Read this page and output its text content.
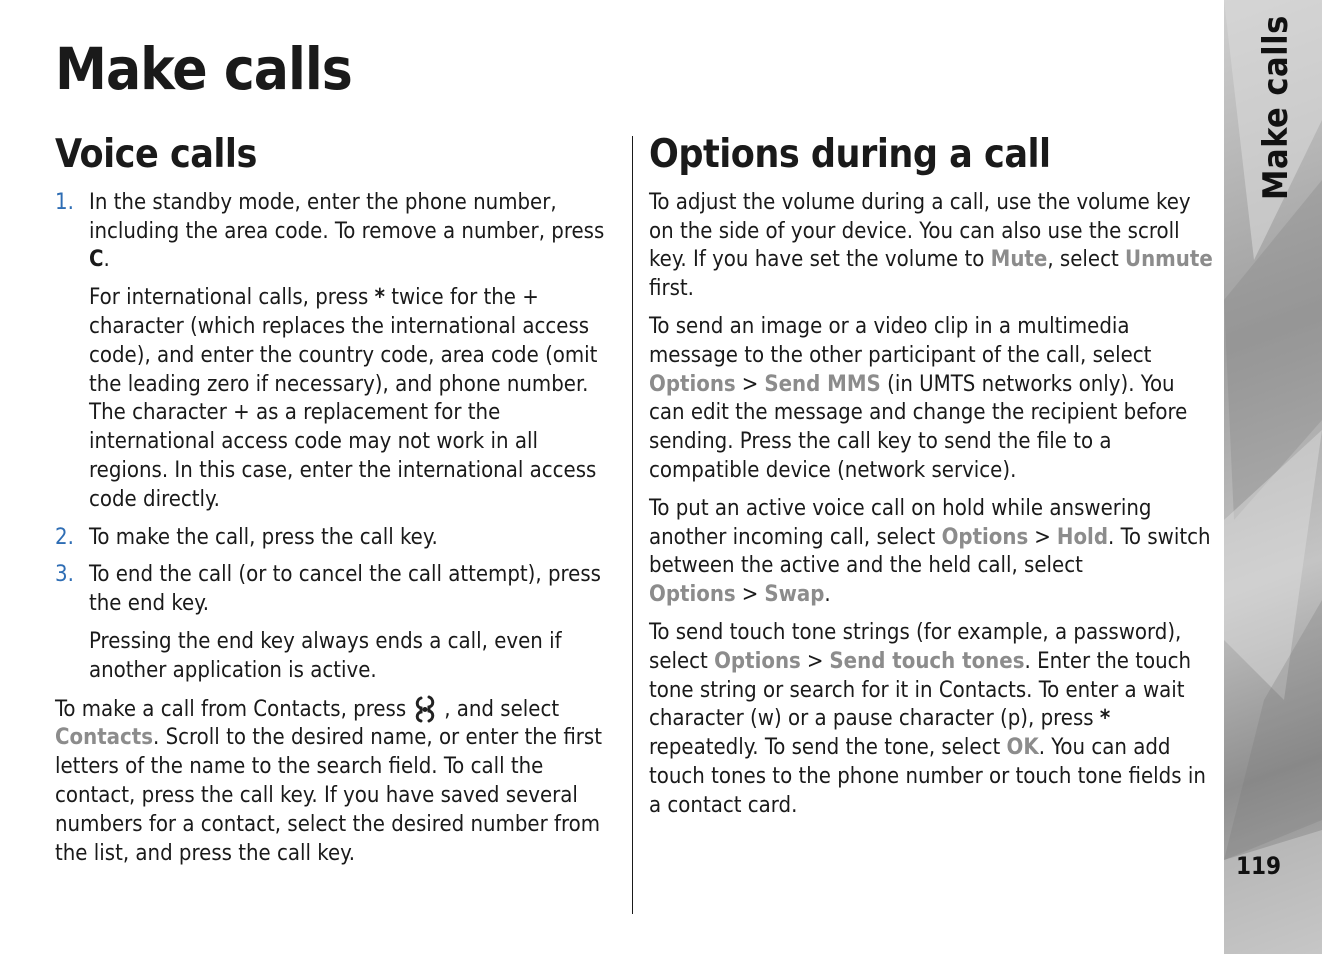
Make calls
Voice calls
1. In the standby mode, enter the phone number, including the area code. To remove a number, press C.

For international calls, press * twice for the + character (which replaces the international access code), and enter the country code, area code (omit the leading zero if necessary), and phone number. The character + as a replacement for the international access code may not work in all regions. In this case, enter the international access code directly.

2. To make the call, press the call key.
3. To end the call (or to cancel the call attempt), press the end key.

Pressing the end key always ends a call, even if another application is active.

To make a call from Contacts, press , and select Contacts. Scroll to the desired name, or enter the first letters of the name to the search field. To call the contact, press the call key. If you have saved several numbers for a contact, select the desired number from the list, and press the call key.

Options during a call

To adjust the volume during a call, use the volume key on the side of your device. You can also use the scroll key. If you have set the volume to Mute, select Unmute first.

To send an image or a video clip in a multimedia message to the other participant of the call, select Options > Send MMS (in UMTS networks only). You can edit the message and change the recipient before sending. Press the call key to send the file to a compatible device (network service).

To put an active voice call on hold while answering another incoming call, select Options > Hold. To switch between the active and the held call, select Options > Swap.

To send touch tone strings (for example, a password), select Options > Send touch tones. Enter the touch tone string or search for it in Contacts. To enter a wait character (w) or a pause character (p), press * repeatedly. To send the tone, select OK. You can add touch tones to the phone number or touch tone fields in a contact card.

Make calls
119
